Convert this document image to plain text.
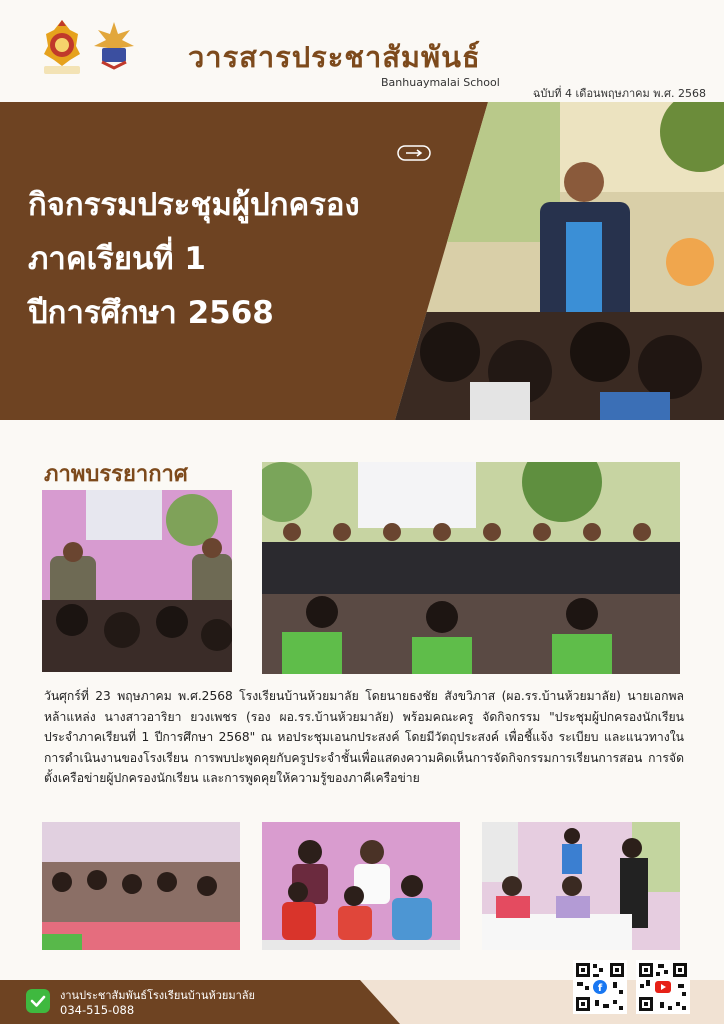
วารสารประชาสัมพันธ์
Banhuaymalai School
ฉบับที่ 4 เดือนพฤษภาคม พ.ศ. 2568
กิจกรรมประชุมผู้ปกครอง
ภาคเรียนที่ 1
ปีการศึกษา 2568
ภาพบรรยากาศ
วันศุกร์ที่ 23 พฤษภาคม พ.ศ.2568 โรงเรียนบ้านห้วยมาลัย โดยนายธงชัย สังขวิภาส (ผอ.รร.บ้านห้วยมาลัย) นายเอกพล หล้าแหล่ง นางสาวอาริยา ยวงเพชร (รอง ผอ.รร.บ้านห้วยมาลัย) พร้อมคณะครู จัดกิจกรรม "ประชุมผู้ปกครองนักเรียน ประจำภาคเรียนที่ 1 ปีการศึกษา 2568" ณ หอประชุมเอนกประสงค์ โดยมีวัตถุประสงค์ เพื่อชี้แจ้ง ระเบียบ และแนวทางในการดำเนินงานของโรงเรียน การพบปะพูดคุยกับครูประจำชั้นเพื่อแสดงความคิดเห็นการจัดกิจกรรมการเรียนการสอน การจัดตั้งเครือข่ายผู้ปกครองนักเรียน และการพูดคุยให้ความรู้ของภาคีเครือข่าย
งานประชาสัมพันธ์โรงเรียนบ้านห้วยมาลัย
034-515-088
f
